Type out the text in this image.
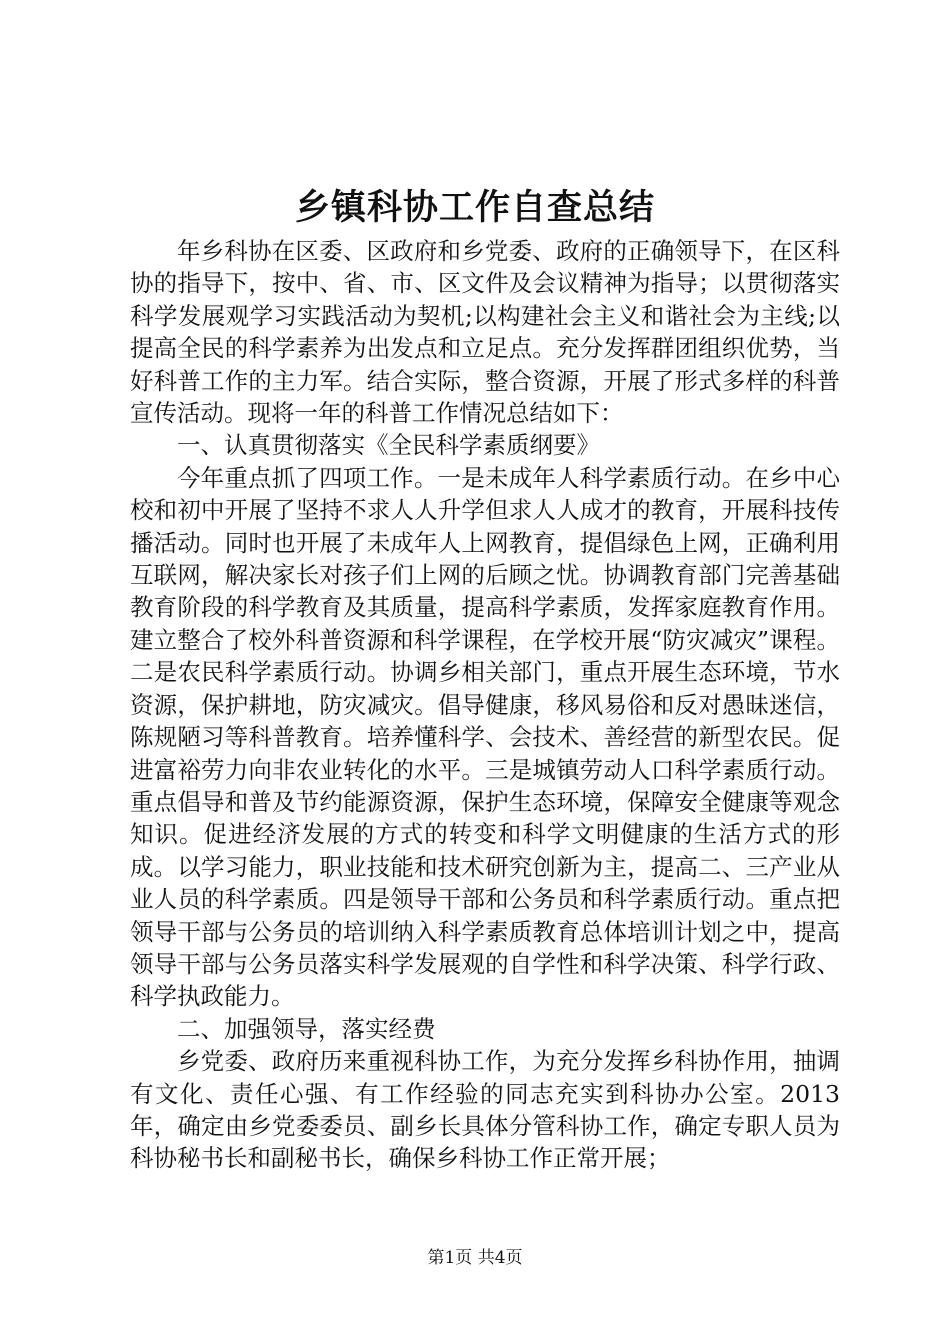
乡镇科协工作自查总结

年乡科协在区委、区政府和乡党委、政府的正确领导下，在区科协的指导下，按中、省、市、区文件及会议精神为指导；以贯彻落实科学发展观学习实践活动为契机;以构建社会主义和谐社会为主线;以提高全民的科学素养为出发点和立足点。充分发挥群团组织优势，当好科普工作的主力军。结合实际，整合资源，开展了形式多样的科普宣传活动。现将一年的科普工作情况总结如下：

一、认真贯彻落实《全民科学素质纲要》

今年重点抓了四项工作。一是未成年人科学素质行动。在乡中心校和初中开展了坚持不求人人升学但求人人成才的教育，开展科技传播活动。同时也开展了未成年人上网教育，提倡绿色上网，正确利用互联网，解决家长对孩子们上网的后顾之忧。协调教育部门完善基础教育阶段的科学教育及其质量，提高科学素质，发挥家庭教育作用。建立整合了校外科普资源和科学课程，在学校开展“防灾减灾”课程。二是农民科学素质行动。协调乡相关部门，重点开展生态环境，节水资源，保护耕地，防灾减灾。倡导健康，移风易俗和反对愚昧迷信，陈规陋习等科普教育。培养懂科学、会技术、善经营的新型农民。促进富裕劳力向非农业转化的水平。三是城镇劳动人口科学素质行动。重点倡导和普及节约能源资源，保护生态环境，保障安全健康等观念知识。促进经济发展的方式的转变和科学文明健康的生活方式的形成。以学习能力，职业技能和技术研究创新为主，提高二、三产业从业人员的科学素质。四是领导干部和公务员和科学素质行动。重点把领导干部与公务员的培训纳入科学素质教育总体培训计划之中，提高领导干部与公务员落实科学发展观的自学性和科学决策、科学行政、科学执政能力。

二、加强领导，落实经费

乡党委、政府历来重视科协工作，为充分发挥乡科协作用，抽调有文化、责任心强、有工作经验的同志充实到科协办公室。2013年，确定由乡党委委员、副乡长具体分管科协工作，确定专职人员为科协秘书长和副秘书长，确保乡科协工作正常开展；

第1页 共4页
